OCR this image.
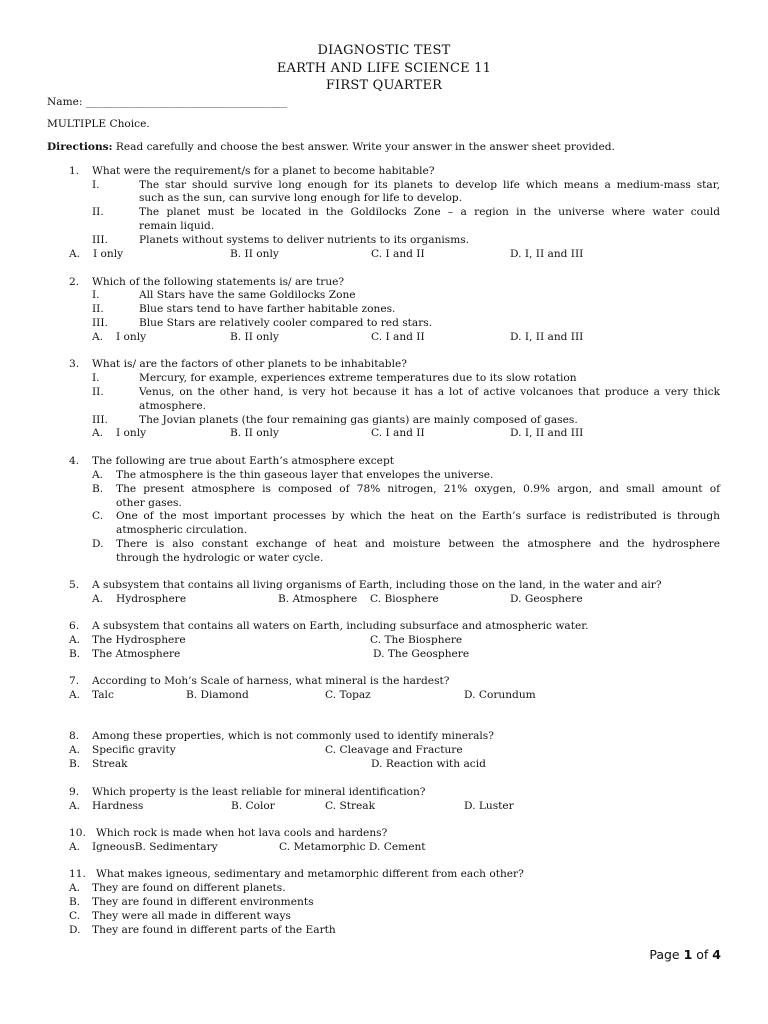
DIAGNOSTIC TEST
EARTH AND LIFE SCIENCE 11
FIRST QUARTER
Name: ______________________________________
MULTIPLE Choice.
Directions: Read carefully and choose the best answer. Write your answer in the answer sheet provided.
1. What were the requirement/s for a planet to become habitable?
I.	The star should survive long enough for its planets to develop life which means a medium-mass star,
such as the sun, can survive long enough for life to develop.
II.	The planet must be located in the Goldilocks Zone – a region in the universe where water could
remain liquid.
III.	Planets without systems to deliver nutrients to its organisms.
A. I only	B. II only	C. I and II	D. I, II and III
2. Which of the following statements is/ are true?
I.	All Stars have the same Goldilocks Zone
II.	Blue stars tend to have farther habitable zones.
III.	Blue Stars are relatively cooler compared to red stars.
A. I only	B. II only	C. I and II	D. I, II and III
3. What is/ are the factors of other planets to be inhabitable?
I.	Mercury, for example, experiences extreme temperatures due to its slow rotation
II.	Venus, on the other hand, is very hot because it has a lot of active volcanoes that produce a very thick
atmosphere.
III.	The Jovian planets (the four remaining gas giants) are mainly composed of gases.
A. I only	B. II only	C. I and II	D. I, II and III
4. The following are true about Earth’s atmosphere except
A. The atmosphere is the thin gaseous layer that envelopes the universe.
B. The present atmosphere is composed of 78% nitrogen, 21% oxygen, 0.9% argon, and small amount of
other gases.
C. One of the most important processes by which the heat on the Earth’s surface is redistributed is through
atmospheric circulation.
D. There is also constant exchange of heat and moisture between the atmosphere and the hydrosphere
through the hydrologic or water cycle.
5. A subsystem that contains all living organisms of Earth, including those on the land, in the water and air?
A. Hydrosphere	B. Atmosphere C. Biosphere	D. Geosphere
6. A subsystem that contains all waters on Earth, including subsurface and atmospheric water.
A. The Hydrosphere	C. The Biosphere
B. The Atmosphere	D. The Geosphere
7. According to Moh’s Scale of harness, what mineral is the hardest?
A. Talc	B. Diamond	C. Topaz	D. Corundum
8. Among these properties, which is not commonly used to identify minerals?
A. Specific gravity	C. Cleavage and Fracture
B. Streak	D. Reaction with acid
9. Which property is the least reliable for mineral identification?
A. Hardness	B. Color	C. Streak	D. Luster
10. Which rock is made when hot lava cools and hardens?
A. IgneousB. Sedimentary	C. Metamorphic D. Cement
11. What makes igneous, sedimentary and metamorphic different from each other?
A. They are found on different planets.
B. They are found in different environments
C. They were all made in different ways
D. They are found in different parts of the Earth
Page 1 of 4
